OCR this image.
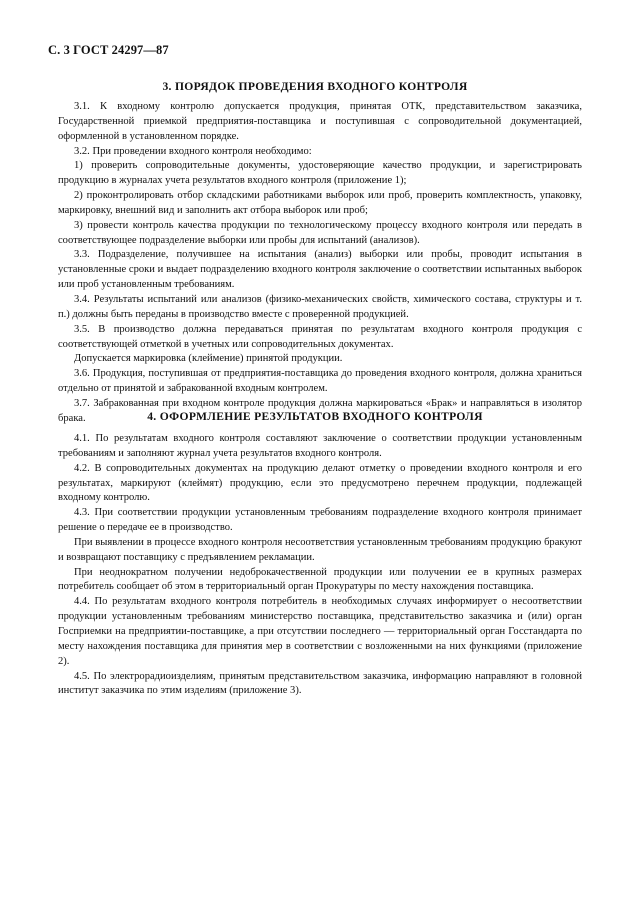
С. 3 ГОСТ 24297—87
3. ПОРЯДОК ПРОВЕДЕНИЯ ВХОДНОГО КОНТРОЛЯ

3.1. К входному контролю допускается продукция, принятая ОТК, представительством заказчика, Государственной приемкой предприятия-поставщика и поступившая с сопроводительной документацией, оформленной в установленном порядке.

3.2. При проведении входного контроля необходимо:

1) проверить сопроводительные документы, удостоверяющие качество продукции, и зарегистрировать продукцию в журналах учета результатов входного контроля (приложение 1);

2) проконтролировать отбор складскими работниками выборок или проб, проверить комплектность, упаковку, маркировку, внешний вид и заполнить акт отбора выборок или проб;

3) провести контроль качества продукции по технологическому процессу входного контроля или передать в соответствующее подразделение выборки или пробы для испытаний (анализов).

3.3. Подразделение, получившее на испытания (анализ) выборки или пробы, проводит испытания в установленные сроки и выдает подразделению входного контроля заключение о соответствии испытанных выборок или проб установленным требованиям.

3.4. Результаты испытаний или анализов (физико-механических свойств, химического состава, структуры и т. п.) должны быть переданы в производство вместе с проверенной продукцией.

3.5. В производство должна передаваться принятая по результатам входного контроля продукция с соответствующей отметкой в учетных или сопроводительных документах.

Допускается маркировка (клеймение) принятой продукции.

3.6. Продукция, поступившая от предприятия-поставщика до проведения входного контроля, должна храниться отдельно от принятой и забракованной входным контролем.

3.7. Забракованная при входном контроле продукция должна маркироваться «Брак» и направляться в изолятор брака.	4. ОФОРМЛЕНИЕ РЕЗУЛЬТАТОВ ВХОДНОГО КОНТРОЛЯ

4.1. По результатам входного контроля составляют заключение о соответствии продукции установленным требованиям и заполняют журнал учета результатов входного контроля.

4.2. В сопроводительных документах на продукцию делают отметку о проведении входного контроля и его результатах, маркируют (клеймят) продукцию, если это предусмотрено перечнем продукции, подлежащей входному контролю.

4.3. При соответствии продукции установленным требованиям подразделение входного контроля принимает решение о передаче ее в производство.

При выявлении в процессе входного контроля несоответствия установленным требованиям продукцию бракуют и возвращают поставщику с предъявлением рекламации.

При неоднократном получении недоброкачественной продукции или получении ее в крупных размерах потребитель сообщает об этом в территориальный орган Прокуратуры по месту нахождения поставщика.

4.4. По результатам входного контроля потребитель в необходимых случаях информирует о несоответствии продукции установленным требованиям министерство поставщика, представительство заказчика и (или) орган Госприемки на предприятии-поставщике, а при отсутствии последнего — территориальный орган Госстандарта по месту нахождения поставщика для принятия мер в соответствии с возложенными на них функциями (приложение 2).

4.5. По электрорадиоизделиям, принятым представительством заказчика, информацию направляют в головной институт заказчика по этим изделиям (приложение 3).
